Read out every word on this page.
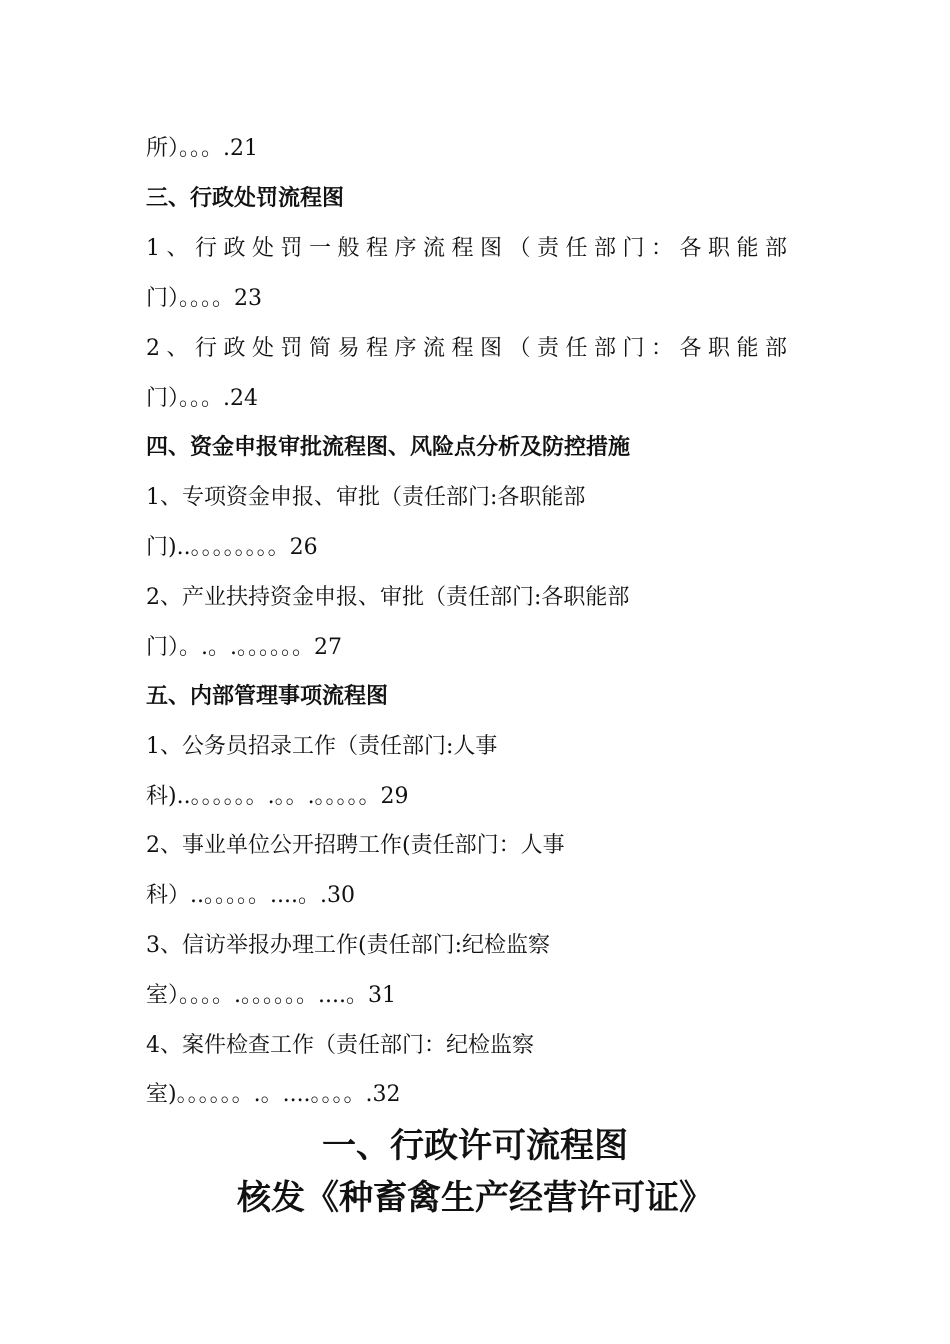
所）。。。.21
三、行政处罚流程图
1、行政处罚一般程序流程图（责任部门：各职能部
门）。。。。23
2、行政处罚简易程序流程图（责任部门：各职能部
门）。。。.24
四、资金申报审批流程图、风险点分析及防控措施
1、专项资金申报、审批（责任部门:各职能部
门)..。。。。。。。。26
2、产业扶持资金申报、审批（责任部门:各职能部
门）。.。.。。。。。。27
五、内部管理事项流程图
1、公务员招录工作（责任部门:人事
科)..。。。。。。.。。.。。。。。29
2、事业单位公开招聘工作(责任部门：人事
科）..。。。。。....。.30
3、信访举报办理工作(责任部门:纪检监察
室）。。。。.。。。。。。....。31
4、案件检查工作（责任部门：纪检监察
室)。。。。。。.。....。。。。.32
一、行政许可流程图
核发《种畜禽生产经营许可证》
